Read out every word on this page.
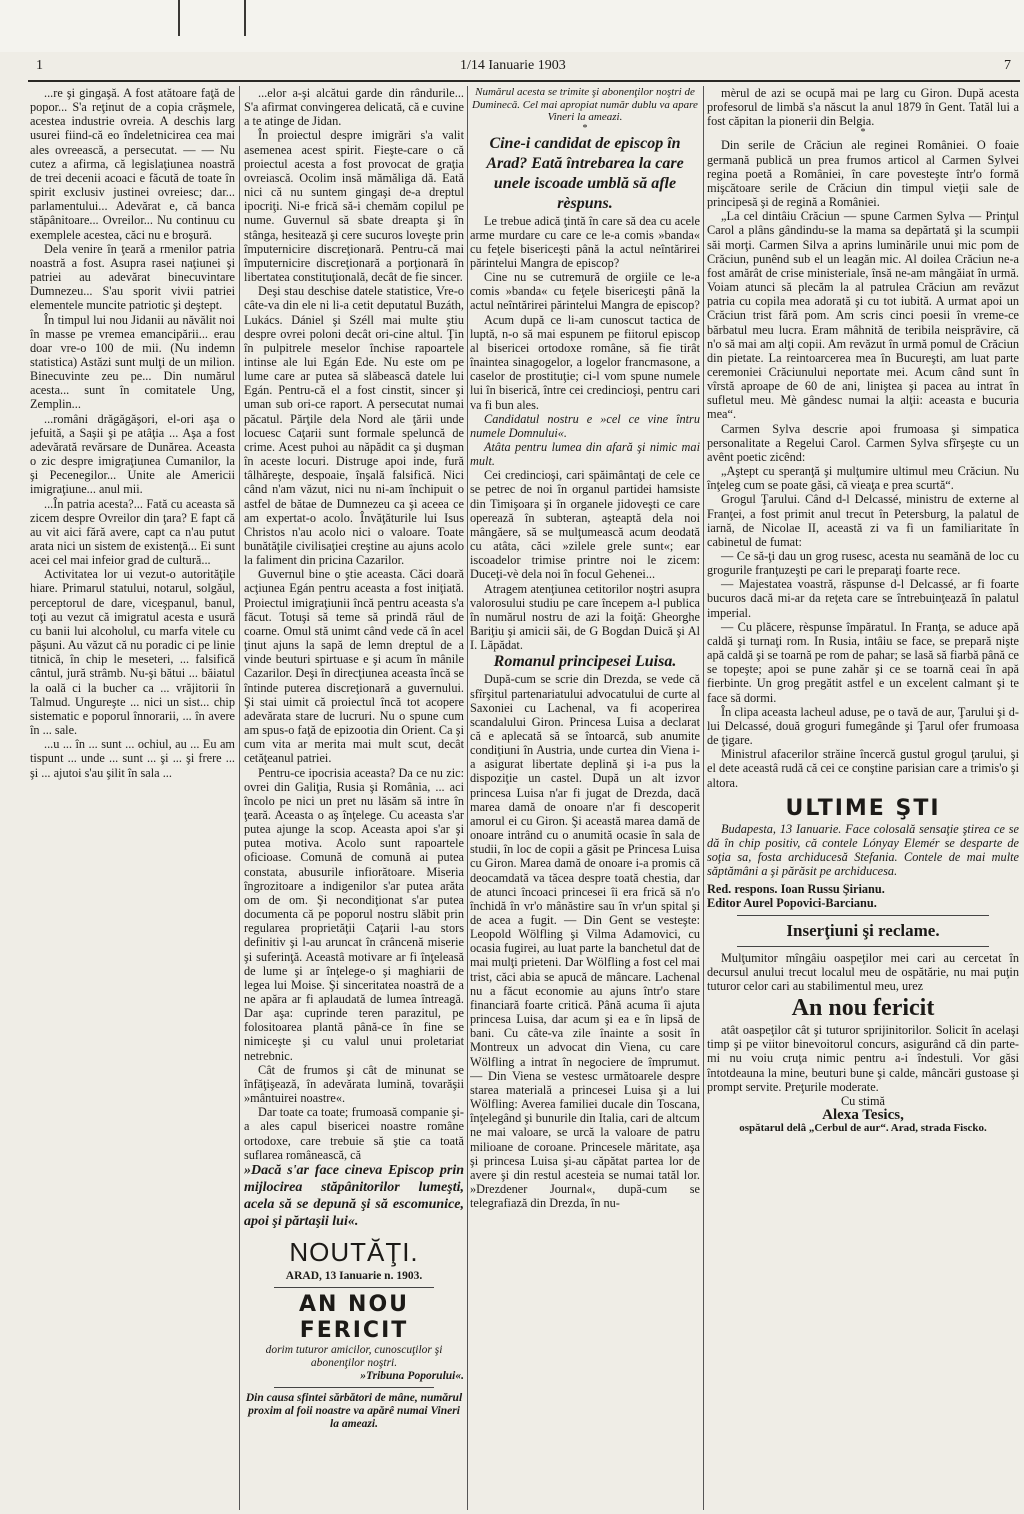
1	1/14 Ianuarie 1903	7

...re şi gingaşă. A fost atătoare faţă de popor... S'a reţinut de a copia crăşmele, acestea industrie ovreia. A deschis larg usurei fiind-că eo îndeletnicirea cea mai ales ovreească, a persecutat. — — Nu cutez a afirma, că legislaţiunea noastră de trei decenii acoaci e făcută de toate în spirit exclusiv justinei ovreiesc; dar... parlamentului... Adevărat e, că banca stăpânitoare... Ovreilor... Nu continuu cu exemplele acestea, căci nu e broşură.

Dela venire în ţeară a rmenilor patria noastră a fost. Asupra rasei naţiunei şi patriei au adevărat binecuvintare Dumnezeu... S'au sporit vivii patriei elementele muncite patriotic şi deştept.

În timpul lui nou Jidanii au năvălit noi în masse pe vremea emancipării... erau doar vre-o 100 de mii. (Nu indemn statistica) Astăzi sunt mulţi de un milion. Binecuvinte zeu pe... Din numărul acesta... sunt în comitatele Ung, Zemplin...

...români drăgăgăşori, el-ori aşa o jefuită, a Saşii şi pe atâţia ... Aşa a fost adevărată revărsare de Dunărea. Aceasta o zic despre imigraţiunea Cumanilor, la şi Pecenegilor... Unite ale Americii imigraţiune... anul mii.

...În patria acesta?... Fată cu aceasta să zicem despre Ovreilor din ţara? E fapt că au vit aici fără avere, capt ca n'au putut arata nici un sistem de existenţă... Ei sunt acei cel mai infeior grad de cultură...

Activitatea lor ui vezut-o autorităţile hiare. Primarul statului, notarul, solgăul, perceptorul de dare, viceşpanul, banul, toţi au vezut că imigratul acesta e usură cu banii lui alcoholul, cu marfa vitele cu păşuni. Au văzut că nu poradic ci pe linie titnică, în chip le meseteri, ... falsifică cântul, jură strâmb. Nu-şi bătui ... băiatul la oală ci la bucher ca ... vrăjitorii în Talmud. Ungureşte ... nici un sist... chip sistematic e poporul înnorarii, ... în avere în ... sale.

...u ... în ... sunt ... ochiul, au ... Eu am tispunt ... unde ... sunt ... şi ... şi frere ... şi ... ajutoi s'au şilit în sala ...

...elor a-şi alcătui garde din rândurile... S'a afirmat convingerea delicată, că e cuvine a te atinge de Jidan.

În proiectul despre imigrări s'a valit asemenea acest spirit. Fieşte-care o că proiectul acesta a fost provocat de graţia ovreiască. Ocolim insă mămăliga dă. Eată nici că nu suntem gingaşi de-a dreptul ipocriţi. Ni-e frică să-i chemăm copilul pe nume. Guvernul să sbate dreapta şi în stânga, hesitează şi cere sucuros loveşte prin împuternicire discreţionară. Pentru-că mai împuternicire discreţionară a porţionară în libertatea constituţională, decât de fie sincer.

Deşi stau deschise datele statistice, Vre-o câte-va din ele ni li-a cetit deputatul Buzáth, Lukács. Dániel şi Széll mai multe ştiu despre ovrei poloni decât ori-cine altul. Ţin în pulpitrele meselor închise rapoartele intinse ale lui Egán Ede. Nu este om pe lume care ar putea să slăbească datele lui Egán. Pentru-că el a fost cinstit, sincer şi uman sub ori-ce raport. A persecutat numai păcatul. Părţile dela Nord ale ţării unde locuesc Caţarii sunt formale speluncă de crime. Acest puhoi au năpădit ca şi duşman în aceste locuri. Distruge apoi inde, fură tâlhăreşte, despoaie, înşală falsifică. Nici când n'am văzut, nici nu ni-am închipuit o astfel de bătae de Dumnezeu ca şi aceea ce am expertat-o acolo. Învăţăturile lui Isus Christos n'au acolo nici o valoare. Toate bunătăţile civilisaţiei creştine au ajuns acolo la faliment din pricina Cazarilor.

Guvernul bine o ştie aceasta. Căci doară acţiunea Egán pentru aceasta a fost iniţiată. Proiectul imigraţiunii încă pentru aceasta s'a făcut. Totuşi să teme să prindă răul de coarne. Omul stă unimt când vede că în acel ţinut ajuns la sapă de lemn dreptul de a vinde beuturi spirtuase e şi acum în mânile Cazarilor. Deşi în direcţiunea aceasta încă se întinde puterea discreţionară a guvernului. Şi stai uimit că proiectul încă tot acopere adevărata stare de lucruri. Nu o spune cum am spus-o faţă de epizootia din Orient. Ca şi cum vita ar merita mai mult scut, decât cetăţeanul patriei.

Pentru-ce ipocrisia aceasta? Da ce nu zic: ovrei din Galiţia, Rusia şi România, ... aci încolo pe nici un pret nu lăsăm să intre în ţeară. Aceasta o aş înţelege. Cu aceasta s'ar putea ajunge la scop. Aceasta apoi s'ar şi putea motiva. Acolo sunt rapoartele oficioase. Comună de comună ai putea constata, abusurile infiorătoare. Miseria îngrozitoare a indigenilor s'ar putea arăta om de om. Şi necondiţionat s'ar putea documenta că pe poporul nostru slăbit prin regularea proprietăţii Caţarii l-au stors definitiv şi l-au aruncat în crâncenă miserie şi suferinţă. Aceastâ motivare ar fi înţeleasă de lume şi ar înţelege-o şi maghiarii de legea lui Moise. Şi sinceritatea noastră de a ne apăra ar fi aplaudată de lumea întreagă. Dar aşa: cuprinde teren parazitul, pe folositoarea plantă până-ce în fine se nimiceşte şi cu valul unui proletariat netrebnic.

Cât de frumos şi cât de minunat se înfăţişează, în adevărata lumină, tovarăşii »mântuirei noastre«.

Dar toate ca toate; frumoasă companie şi-a ales capul bisericei noastre române ortodoxe, care trebuie să ştie ca toată suflarea românească, că

»Dacă s'ar face cineva Episcop prin mijlocirea stăpânitorilor lumeşti, acela să se depună şi să escomunice, apoi şi părtaşii lui«.

NOUTĂŢI.
ARAD, 13 Ianuarie n. 1903.
AN NOU FERICIT
dorim tuturor amicilor, cunoscuţilor şi abonenţilor noştri.
»Tribuna Poporului«.
Din causa sfintei sărbători de mâne, numărul proxim al foii noastre va apărê numai Vineri la ameazi.

Numărul acesta se trimite şi abonenţilor noştri de Duminecă. Cel mai apropiat număr dublu va apare Vineri la ameazi.

*

Cine-i candidat de episcop în Arad? Eată întrebarea la care unele iscoade umblă să afle rèspuns.

Le trebue adică ţintă în care să dea cu acele arme murdare cu care ce le-a comis »banda« cu feţele bisericeşti până la actul neîntărirei părintelui Mangra de episcop?

Cine nu se cutremură de orgiile ce le-a comis »banda« cu feţele bisericeşti până la actul neîntărirei părintelui Mangra de episcop?

Acum după ce li-am cunoscut tactica de luptă, n-o să mai espunem pe fiitorul episcop al bisericei ortodoxe române, să fie tirât înaintea sinagogelor, a logelor francmasone, a caselor de prostituţie; ci-l vom spune numele lui în biserică, între cei credincioşi, pentru cari va fi bun ales.

Candidatul nostru e »cel ce vine întru numele Domnului«.

Atâta pentru lumea din afară şi nimic mai mult.

Cei credincioşi, cari spăimântaţi de cele ce se petrec de noi în organul partidei hamsiste din Timişoara şi în organele jidoveşti ce care operează în subteran, aşteaptă dela noi mângăere, să se mulţumească acum deodată cu atâta, căci »zilele grele sunt«; ear iscoadelor trimise printre noi le zicem: Duceţi-vè dela noi în focul Gehenei...

Atragem atenţiunea cetitorilor noştri asupra valorosului studiu pe care începem a-l publica în numărul nostru de azi la foiţă: Gheorghe Bariţiu şi amicii săi, de G Bogdan Duică şi Al I. Lăpădat.

Romanul principesei Luisa.

După-cum se scrie din Drezda, se vede că sfîrşitul partenariatului advocatului de curte al Saxoniei cu Lachenal, va fi acoperirea scandalului Giron. Princesa Luisa a declarat că e aplecată să se întoarcă, sub anumite condiţiuni în Austria, unde curtea din Viena i-a asigurat libertate deplină şi i-a pus la dispoziţie un castel. După un alt izvor princesa Luisa n'ar fi jugat de Drezda, dacă marea damă de onoare n'ar fi descoperit amorul ei cu Giron. Şi această marea damă de onoare intrând cu o anumită ocasie în sala de studii, în loc de copii a găsit pe Princesa Luisa cu Giron. Marea damă de onoare i-a promis că deocamdată va tăcea despre toată chestia, dar de atunci încoaci princesei îi era frică să n'o închidă în vr'o mânăstire sau în vr'un spital şi de acea a fugit. — Din Gent se vesteşte: Leopold Wölfling şi Vilma Adamovici, cu ocasia fugirei, au luat parte la banchetul dat de mai mulţi prieteni. Dar Wölfling a fost cel mai trist, căci abia se apucă de mâncare. Lachenal nu a făcut economie au ajuns într'o stare financiară foarte critică. Până acuma îi ajuta princesa Luisa, dar acum şi ea e în lipsă de bani. Cu câte-va zile înainte a sosit în Montreux un advocat din Viena, cu care Wölfling a intrat în negociere de împrumut. — Din Viena se vestesc următoarele despre starea materială a princesei Luisa şi a lui Wölfling: Averea familiei ducale din Toscana, înţelegând şi bunurile din Italia, cari de altcum ne mai valoare, se urcă la valoare de patru milioane de coroane. Princesele măritate, aşa şi princesa Luisa şi-au căpătat partea lor de avere şi din restul acesteia se numai tatăl lor. »Drezdener Journal«, după-cum se telegrafiază din Drezda, în nu-

mèrul de azi se ocupă mai pe larg cu Giron. După acesta profesorul de limbă s'a născut la anul 1879 în Gent. Tatăl lui a fost căpitan la pionerii din Belgia.

*

Din serile de Crăciun ale reginei României. O foaie germană publică un prea frumos articol al Carmen Sylvei regina poetă a României, în care povesteşte într'o formă mişcătoare serile de Crăciun din timpul vieţii sale de principesă şi de regină a României.

„La cel dintâiu Crăciun — spune Carmen Sylva — Prinţul Carol a plâns gândindu-se la mama sa depărtată şi la scumpii săi morţi. Carmen Silva a aprins luminările unui mic pom de Crăciun, punênd sub el un leagăn mic. Al doilea Crăciun ne-a fost amărât de crise ministeriale, însă ne-am mângăiat în urmă. Voiam atunci să plecăm la al patrulea Crăciun am revăzut patria cu copila mea adorată şi cu tot iubită. A urmat apoi un Crăciun trist fără pom. Am scris cinci poesii în vreme-ce bărbatul meu lucra. Eram mâhnită de teribila neisprăvire, că n'o să mai am alţi copii. Am revăzut în urmă pomul de Crăciun din pietate. La reintoarcerea mea în Bucureşti, am luat parte ceremoniei Crăciunului neportate mei. Acum când sunt în vîrstă aproape de 60 de ani, liniştea şi pacea au intrat în sufletul meu. Mè gândesc numai la alţii: aceasta e bucuria mea“.

Carmen Sylva descrie apoi frumoasa şi simpatica personalitate a Regelui Carol. Carmen Sylva sfîrşeşte cu un avênt poetic zicênd:

„Aştept cu speranţă şi mulţumire ultimul meu Crăciun. Nu înţeleg cum se poate găsi, că vieaţa e prea scurtă“.

Grogul Ţarului. Când d-l Delcassé, ministru de externe al Franţei, a fost primit anul trecut în Petersburg, la palatul de iarnă, de Nicolae II, această zi va fi un familiaritate în cabinetul de fumat:

— Ce să-ţi dau un grog rusesc, acesta nu seamănă de loc cu grogurile franţuzeşti pe cari le preparaţi foarte rece.

— Majestatea voastră, răspunse d-l Delcassé, ar fi foarte bucuros dacă mi-ar da reţeta care se întrebuinţează în palatul imperial.

— Cu plăcere, rèspunse împăratul. In Franţa, se aduce apă caldă şi turnaţi rom. In Rusia, intâiu se face, se prepară nişte apă caldă şi se toarnă pe rom de pahar; se lasă să fiarbă până ce se topeşte; apoi se pune zahăr şi ce se toarnă ceai în apă fierbinte. Un grog pregătit astfel e un excelent calmant şi te face să dormi.

În clipa aceasta lacheul aduse, pe o tavă de aur, Ţarului şi d-lui Delcassé, două groguri fumegânde şi Ţarul ofer frumoasa de ţigare.

Ministrul afacerilor străine încercă gustul grogul ţarului, şi el dete aceastâ rudă că cei ce conştine parisian care a trimis'o şi altora.

ULTIME ŞTI

Budapesta, 13 Ianuarie. Face colosală sensaţie ştirea ce se dă în chip positiv, că contele Lónyay Elemér se desparte de soţia sa, fosta archiducesă Stefania. Contele de mai multe săptămâni a şi părăsit pe archiducesa.

Red. respons. Ioan Russu Şirianu.
Editor Aurel Popovici-Barcianu.
Inserţiuni şi reclame.

Mulţumitor mîngâiu oaspeţilor mei cari au cercetat în decursul anului trecut localul meu de ospătărie, nu mai puţin tuturor celor cari au stabilimentul meu, urez

An nou fericit

atât oaspeţilor cât şi tuturor sprijinitorilor. Solicit în acelaşi timp şi pe viitor binevoitorul concurs, asigurând că din parte-mi nu voiu cruţa nimic pentru a-i îndestuli. Vor găsi întotdeauna la mine, beuturi bune şi calde, mâncări gustoase şi prompt servite. Preţurile moderate.

Cu stimă
Alexa Tesics,
ospătarul delâ „Cerbul de aur“. Arad, strada Fiscko.
